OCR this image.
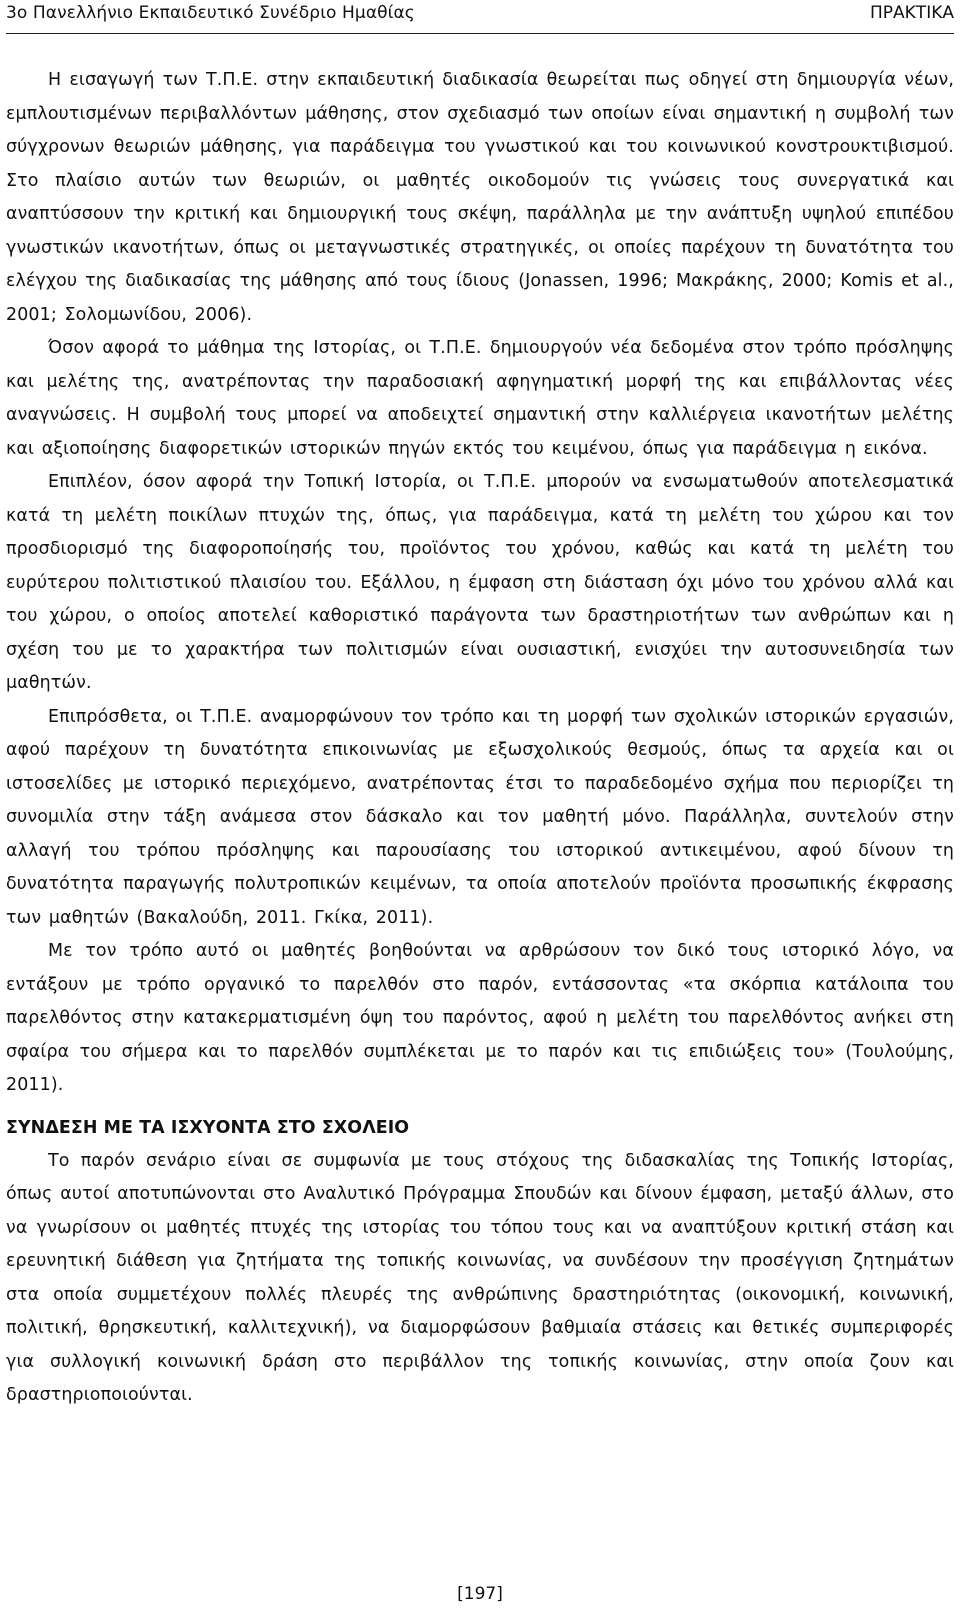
3ο Πανελλήνιο Εκπαιδευτικό Συνέδριο Ημαθίας	ΠΡΑΚΤΙΚΑ

Η εισαγωγή των Τ.Π.Ε. στην εκπαιδευτική διαδικασία θεωρείται πως οδηγεί στη δημιουργία νέων, εμπλουτισμένων περιβαλλόντων μάθησης, στον σχεδιασμό των οποίων είναι σημαντική η συμβολή των σύγχρονων θεωριών μάθησης, για παράδειγμα του γνωστικού και του κοινωνικού κονστρουκτιβισμού. Στο πλαίσιο αυτών των θεωριών, οι μαθητές οικοδομούν τις γνώσεις τους συνεργατικά και αναπτύσσουν την κριτική και δημιουργική τους σκέψη, παράλληλα με την ανάπτυξη υψηλού επιπέδου γνωστικών ικανοτήτων, όπως οι μεταγνωστικές στρατηγικές, οι οποίες παρέχουν τη δυνατότητα του ελέγχου της διαδικασίας της μάθησης από τους ίδιους (Jonassen, 1996; Μακράκης, 2000; Komis et al., 2001; Σολομωνίδου, 2006).

Όσον αφορά το μάθημα της Ιστορίας, οι Τ.Π.Ε. δημιουργούν νέα δεδομένα στον τρόπο πρόσληψης και μελέτης της, ανατρέποντας την παραδοσιακή αφηγηματική μορφή της και επιβάλλοντας νέες αναγνώσεις. Η συμβολή τους μπορεί να αποδειχτεί σημαντική στην καλλιέργεια ικανοτήτων μελέτης και αξιοποίησης διαφορετικών ιστορικών πηγών εκτός του κειμένου, όπως για παράδειγμα η εικόνα.

Επιπλέον, όσον αφορά την Τοπική Ιστορία, οι Τ.Π.Ε. μπορούν να ενσωματωθούν αποτελεσματικά κατά τη μελέτη ποικίλων πτυχών της, όπως, για παράδειγμα, κατά τη μελέτη του χώρου και τον προσδιορισμό της διαφοροποίησής του, προϊόντος του χρόνου, καθώς και κατά τη μελέτη του ευρύτερου πολιτιστικού πλαισίου του. Εξάλλου, η έμφαση στη διάσταση όχι μόνο του χρόνου αλλά και του χώρου, ο οποίος αποτελεί καθοριστικό παράγοντα των δραστηριοτήτων των ανθρώπων και η σχέση του με το χαρακτήρα των πολιτισμών είναι ουσιαστική, ενισχύει την αυτοσυνειδησία των μαθητών.

Επιπρόσθετα, οι Τ.Π.Ε. αναμορφώνουν τον τρόπο και τη μορφή των σχολικών ιστορικών εργασιών, αφού παρέχουν τη δυνατότητα επικοινωνίας με εξωσχολικούς θεσμούς, όπως τα αρχεία και οι ιστοσελίδες με ιστορικό περιεχόμενο, ανατρέποντας έτσι το παραδεδομένο σχήμα που περιορίζει τη συνομιλία στην τάξη ανάμεσα στον δάσκαλο και τον μαθητή μόνο. Παράλληλα, συντελούν στην αλλαγή του τρόπου πρόσληψης και παρουσίασης του ιστορικού αντικειμένου, αφού δίνουν τη δυνατότητα παραγωγής πολυτροπικών κειμένων, τα οποία αποτελούν προϊόντα προσωπικής έκφρασης των μαθητών (Βακαλούδη, 2011. Γκίκα, 2011).

Με τον τρόπο αυτό οι μαθητές βοηθούνται να αρθρώσουν τον δικό τους ιστορικό λόγο, να εντάξουν με τρόπο οργανικό το παρελθόν στο παρόν, εντάσσοντας «τα σκόρπια κατάλοιπα του παρελθόντος στην κατακερματισμένη όψη του παρόντος, αφού η μελέτη του παρελθόντος ανήκει στη σφαίρα του σήμερα και το παρελθόν συμπλέκεται με το παρόν και τις επιδιώξεις του» (Τουλούμης, 2011).

ΣΥΝΔΕΣΗ ΜΕ ΤΑ ΙΣΧΥΟΝΤΑ ΣΤΟ ΣΧΟΛΕΙΟ

Το παρόν σενάριο είναι σε συμφωνία με τους στόχους της διδασκαλίας της Τοπικής Ιστορίας, όπως αυτοί αποτυπώνονται στο Αναλυτικό Πρόγραμμα Σπουδών και δίνουν έμφαση, μεταξύ άλλων, στο να γνωρίσουν οι μαθητές πτυχές της ιστορίας του τόπου τους και να αναπτύξουν κριτική στάση και ερευνητική διάθεση για ζητήματα της τοπικής κοινωνίας, να συνδέσουν την προσέγγιση ζητημάτων στα οποία συμμετέχουν πολλές πλευρές της ανθρώπινης δραστηριότητας (οικονομική, κοινωνική, πολιτική, θρησκευτική, καλλιτεχνική), να διαμορφώσουν βαθμιαία στάσεις και θετικές συμπεριφορές για συλλογική κοινωνική δράση στο περιβάλλον της τοπικής κοινωνίας, στην οποία ζουν και δραστηριοποιούνται.

[197]
